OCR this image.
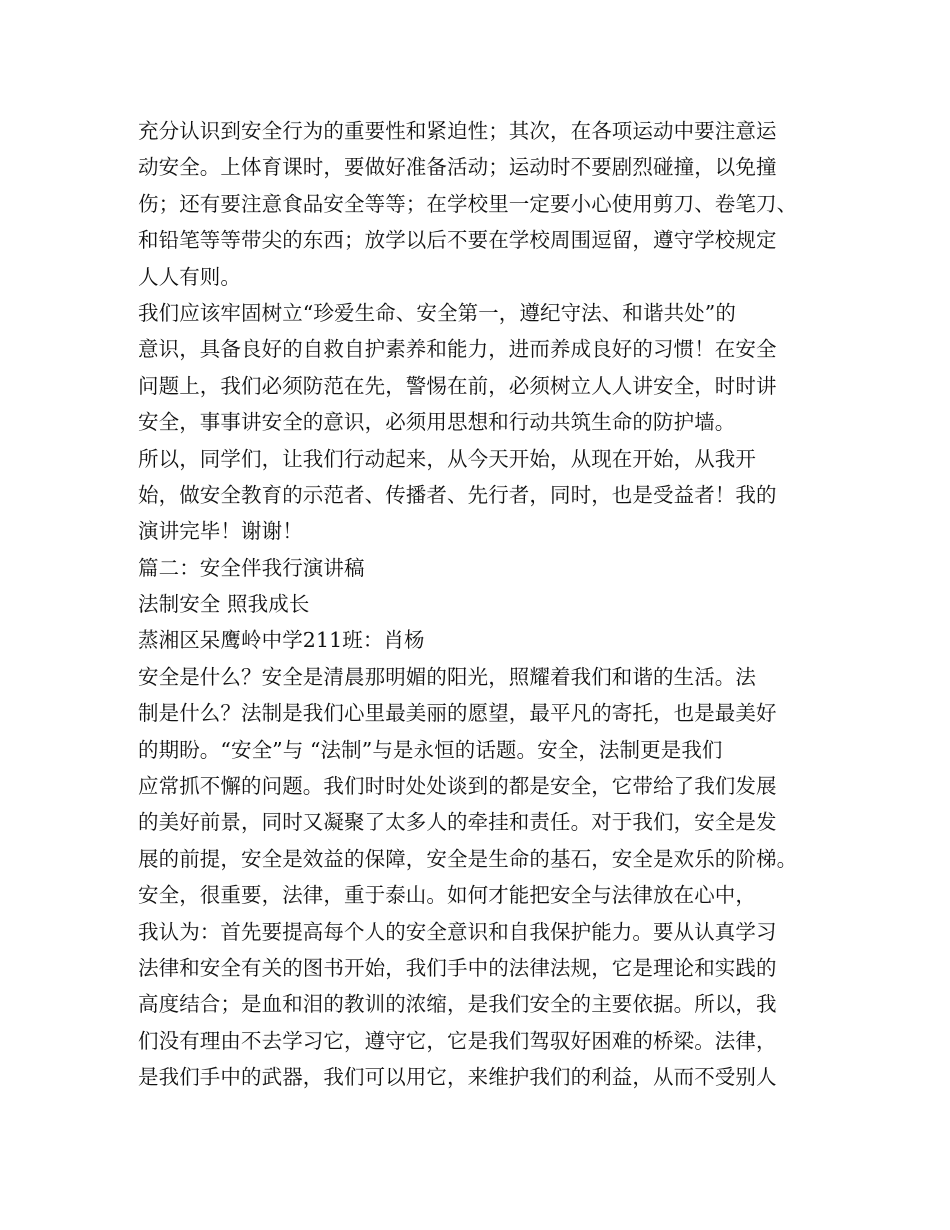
充分认识到安全行为的重要性和紧迫性；其次，在各项运动中要注意运
动安全。上体育课时，要做好准备活动；运动时不要剧烈碰撞，以免撞
伤；还有要注意食品安全等等；在学校里一定要小心使用剪刀、卷笔刀、
和铅笔等等带尖的东西；放学以后不要在学校周围逗留，遵守学校规定
人人有则。
我们应该牢固树立“珍爱生命、安全第一，遵纪守法、和谐共处”的
意识，具备良好的自救自护素养和能力，进而养成良好的习惯！在安全
问题上，我们必须防范在先，警惕在前，必须树立人人讲安全，时时讲
安全，事事讲安全的意识，必须用思想和行动共筑生命的防护墙。
所以，同学们，让我们行动起来，从今天开始，从现在开始，从我开
始，做安全教育的示范者、传播者、先行者，同时，也是受益者！我的
演讲完毕！谢谢！
篇二：安全伴我行演讲稿
法制安全 照我成长
蒸湘区呆鹰岭中学211班：肖杨
安全是什么？安全是清晨那明媚的阳光，照耀着我们和谐的生活。法
制是什么？法制是我们心里最美丽的愿望，最平凡的寄托，也是最美好
的期盼。“安全”与 “法制”与是永恒的话题。安全，法制更是我们
应常抓不懈的问题。我们时时处处谈到的都是安全，它带给了我们发展
的美好前景，同时又凝聚了太多人的牵挂和责任。对于我们，安全是发
展的前提，安全是效益的保障，安全是生命的基石，安全是欢乐的阶梯。
安全，很重要，法律，重于泰山。如何才能把安全与法律放在心中，
我认为：首先要提高每个人的安全意识和自我保护能力。要从认真学习
法律和安全有关的图书开始，我们手中的法律法规，它是理论和实践的
高度结合；是血和泪的教训的浓缩，是我们安全的主要依据。所以，我
们没有理由不去学习它，遵守它，它是我们驾驭好困难的桥梁。法律，
是我们手中的武器，我们可以用它，来维护我们的利益，从而不受别人
